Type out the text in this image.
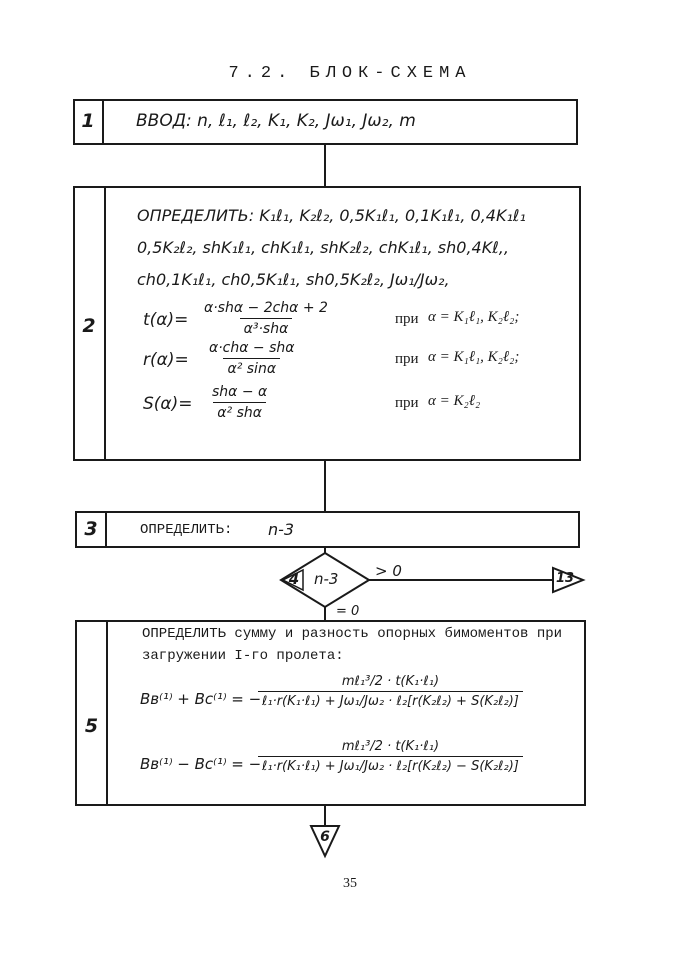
7.2. БЛОК-СХЕМА
1	ВВОД: n, ℓ₁, ℓ₂, K₁, K₂, Jω₁, Jω₂, m
2
ОПРЕДЕЛИТЬ: K₁ℓ₁, K₂ℓ₂, 0,5K₁ℓ₁, 0,1K₁ℓ₁, 0,4K₁ℓ₁
0,5K₂ℓ₂, shK₁ℓ₁, chK₁ℓ₁, shK₂ℓ₂, chK₁ℓ₁, sh0,4Kℓ,,
ch0,1K₁ℓ₁, ch0,5K₁ℓ₁, sh0,5K₂ℓ₂, Jω₁/Jω₂,
t(α)=
α·shα − 2chα + 2
α³·shα
при α = K₁ℓ₁, K₂ℓ₂;
r(α)=
α·chα − shα
α² sinα
при α = K₁ℓ₁, K₂ℓ₂;
S(α)=
shα − α
α² shα
при α = K₂ℓ₂
3	ОПРЕДЕЛИТЬ: n-3
4 n-3 > 0
= 0
13
5
ОПРЕДЕЛИТЬ сумму и разность опорных бимоментов при
загружении I-го пролета:
Bв⁽¹⁾ + Bс⁽¹⁾ = −
mℓ₁³/2 · t(K₁·ℓ₁)
ℓ₁·r(K₁·ℓ₁) + Jω₁/Jω₂ · ℓ₂[r(K₂ℓ₂) + S(K₂ℓ₂)]
Bв⁽¹⁾ − Bс⁽¹⁾ = −
mℓ₁³/2 · t(K₁·ℓ₁)
ℓ₁·r(K₁·ℓ₁) + Jω₁/Jω₂ · ℓ₂[r(K₂ℓ₂) − S(K₂ℓ₂)]
6
35
